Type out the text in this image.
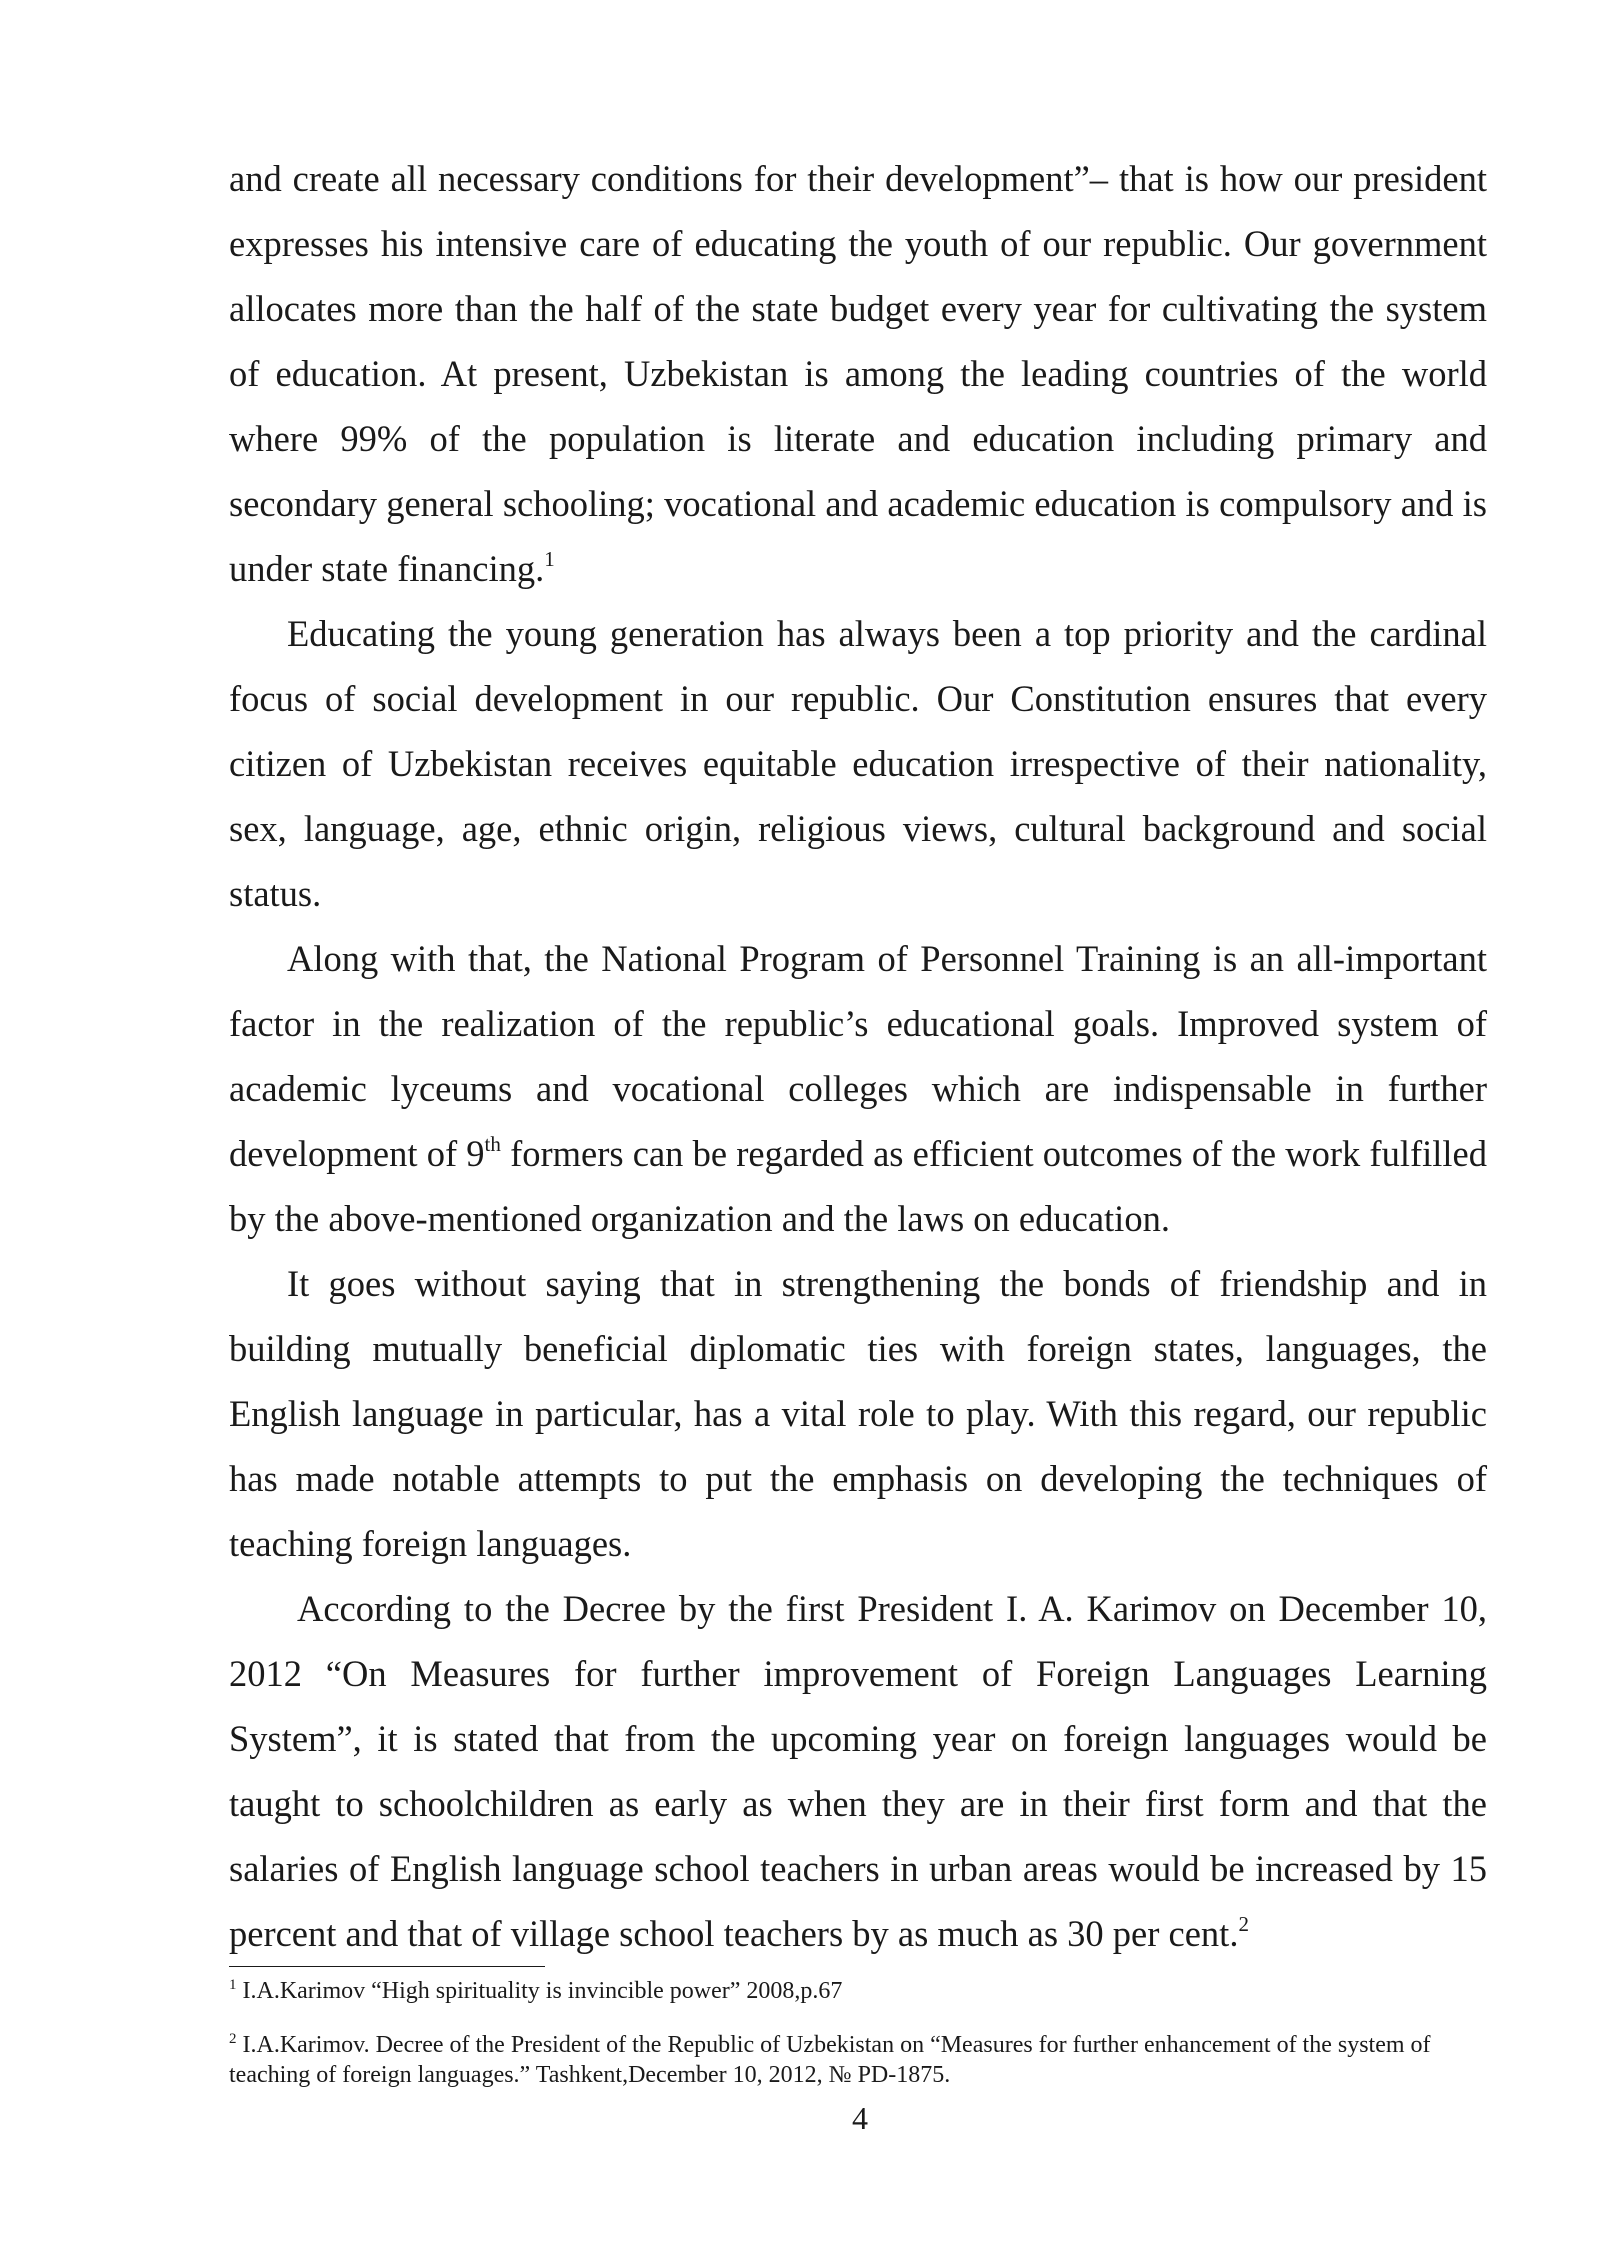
and create all necessary conditions for their development”– that is how our president expresses his intensive care of educating the youth of our republic. Our government allocates more than the half of the state budget every year for cultivating the system of education. At present, Uzbekistan is among the leading countries of the world where 99% of the population is literate and education including primary and secondary general schooling; vocational and academic education is compulsory and is under state financing.$^1$

Educating the young generation has always been a top priority and the cardinal focus of social development in our republic. Our Constitution ensures that every citizen of Uzbekistan receives equitable education irrespective of their nationality, sex, language, age, ethnic origin, religious views, cultural background and social status.

Along with that, the National Program of Personnel Training is an all-important factor in the realization of the republic’s educational goals. Improved system of academic lyceums and vocational colleges which are indispensable in further development of 9th formers can be regarded as efficient outcomes of the work fulfilled by the above-mentioned organization and the laws on education.

It goes without saying that in strengthening the bonds of friendship and in building mutually beneficial diplomatic ties with foreign states, languages, the English language in particular, has a vital role to play. With this regard, our republic has made notable attempts to put the emphasis on developing the techniques of teaching foreign languages.

According to the Decree by the first President I. A. Karimov on December 10, 2012 “On Measures for further improvement of Foreign Languages Learning System”, it is stated that from the upcoming year on foreign languages would be taught to schoolchildren as early as when they are in their first form and that the salaries of English language school teachers in urban areas would be increased by 15 percent and that of village school teachers by as much as 30 per cent.$^2$

$^1$ I.A.Karimov “High spirituality is invincible power” 2008,p.67

$^2$ I.A.Karimov. Decree of the President of the Republic of Uzbekistan on “Measures for further enhancement of the system of teaching of foreign languages.” Tashkent,December 10, 2012, № PD-1875.

4
